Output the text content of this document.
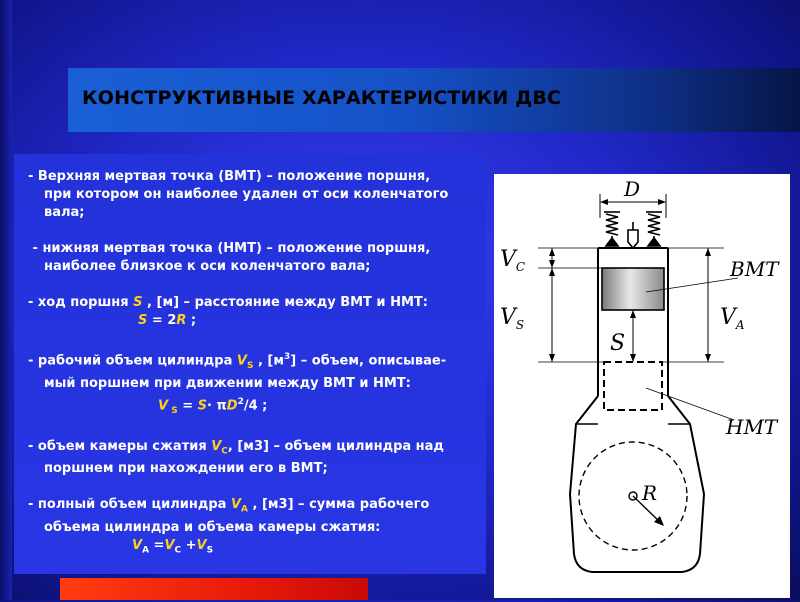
КОНСТРУКТИВНЫЕ ХАРАКТЕРИСТИКИ ДВС

- Верхняя мертвая точка (ВМТ) – положение поршня,

при котором он наиболее удален от оси коленчатого

вала;

- нижняя мертвая точка (НМТ) – положение поршня,

наиболее близкое к оси коленчатого вала;

- ход поршня S , [м] – расстояние между ВМТ и НМТ:

S = 2R ;

- рабочий объем цилиндра $V_S$ , $[м^3]$ – объем, описывае-

мый поршнем при движении между ВМТ и НМТ:

V $_S = S\cdot \pi D^2/4$ ;

- объем камеры сжатия $V_C$, [м3] – объем цилиндра над

поршнем при нахождении его в ВМТ;

- полный объем цилиндра $V_A$ , [м3] – сумма рабочего

объема цилиндра и объема камеры сжатия:

$V_A =V_C +V_S$

D
$V_C$
$V_S$	$V_A$
S
ВМТ
НМТ
R
